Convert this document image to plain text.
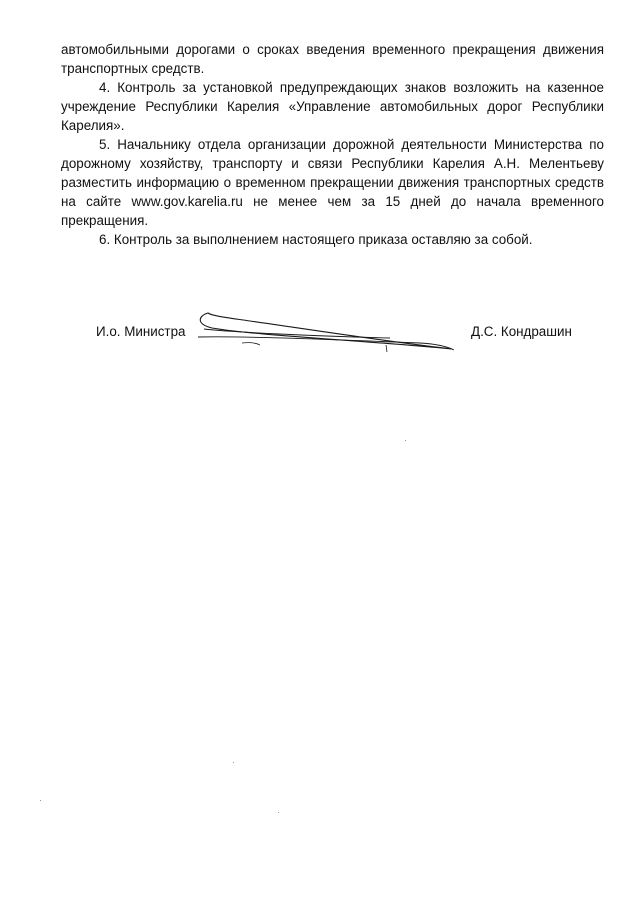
автомобильными дорогами о сроках введения временного прекращения движения транспортных средств.

4. Контроль за установкой предупреждающих знаков возложить на казенное учреждение Республики Карелия «Управление автомобильных дорог Республики Карелия».

5. Начальнику отдела организации дорожной деятельности Министерства по дорожному хозяйству, транспорту и связи Республики Карелия А.Н. Мелентьеву разместить информацию о временном прекращении движения транспортных средств на сайте www.gov.karelia.ru не менее чем за 15 дней до начала временного прекращения.

6. Контроль за выполнением настоящего приказа оставляю за собой.

И.о. Министра	Д.С. Кондрашин
